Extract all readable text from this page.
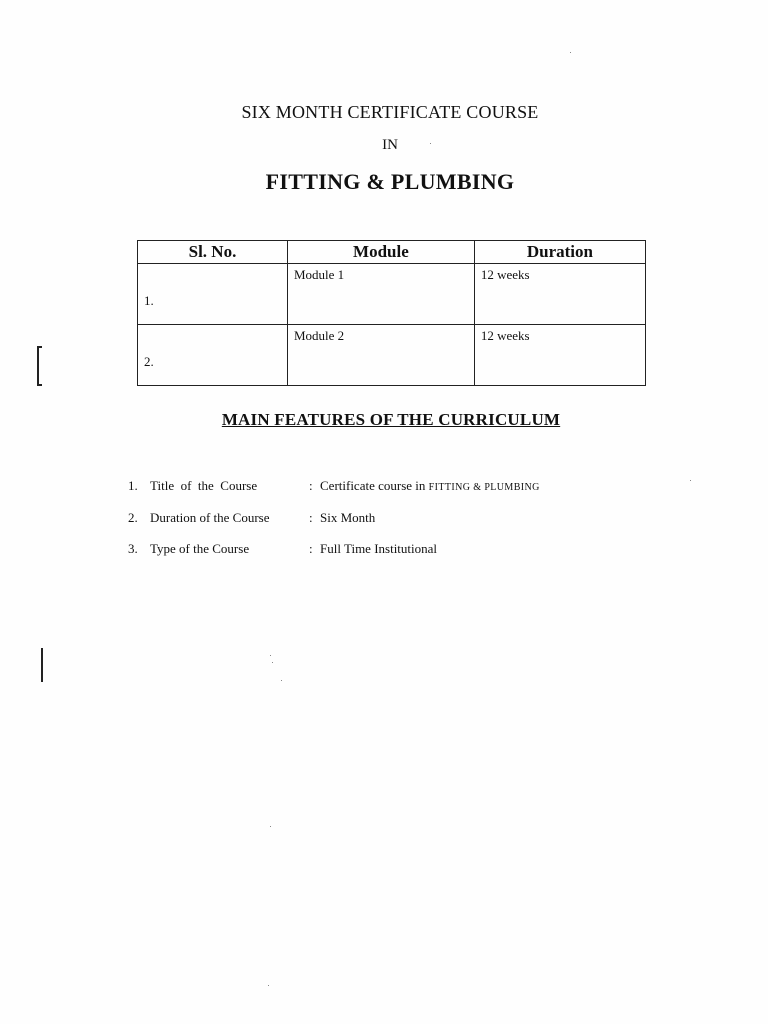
SIX MONTH CERTIFICATE COURSE
IN
FITTING & PLUMBING
Sl. No.	Module	Duration
1.	Module 1	12 weeks
2.	Module 2	12 weeks
MAIN FEATURES OF THE CURRICULUM
1. Title  of  the  Course	: Certificate course in FITTING & PLUMBING
2. Duration of the Course	: Six Month
3. Type of the Course	: Full Time Institutional
